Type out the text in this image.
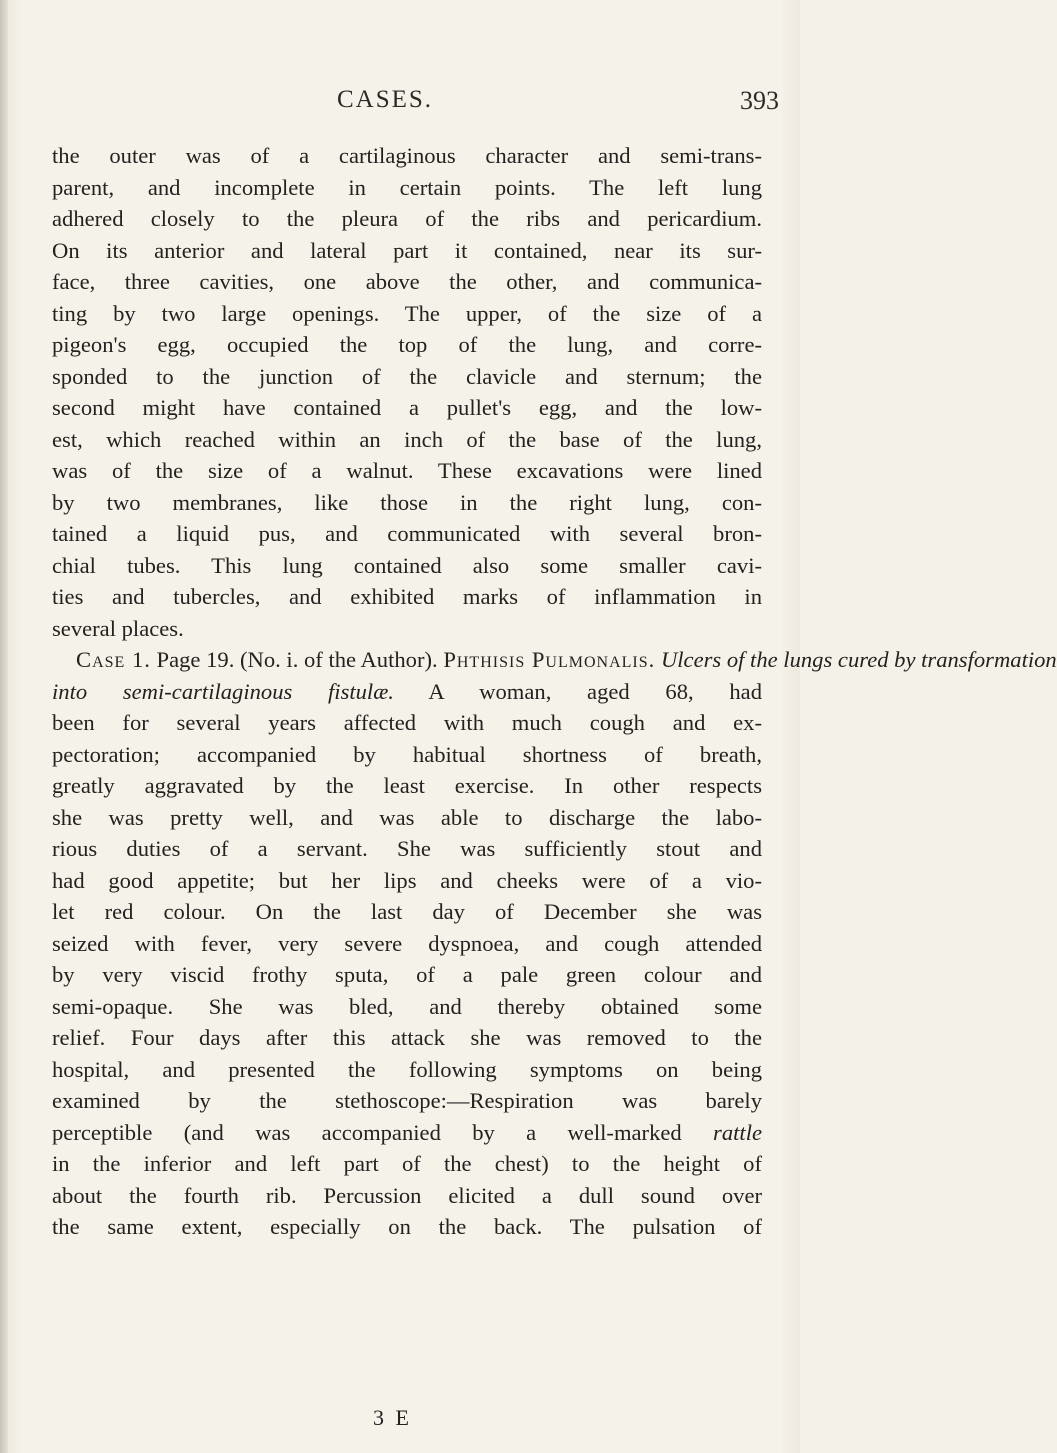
CASES.	393
the outer was of a cartilaginous character and semi-trans-
parent, and incomplete in certain points. The left lung
adhered closely to the pleura of the ribs and pericardium.
On its anterior and lateral part it contained, near its sur-
face, three cavities, one above the other, and communica-
ting by two large openings. The upper, of the size of a
pigeon's egg, occupied the top of the lung, and corre-
sponded to the junction of the clavicle and sternum; the
second might have contained a pullet's egg, and the low-
est, which reached within an inch of the base of the lung,
was of the size of a walnut. These excavations were lined
by two membranes, like those in the right lung, con-
tained a liquid pus, and communicated with several bron-
chial tubes. This lung contained also some smaller cavi-
ties and tubercles, and exhibited marks of inflammation in
several places.
Case 1. Page 19. (No. i. of the Author). Phthisis Pulmonalis. Ulcers of the lungs cured by transformation
into semi-cartilaginous fistulæ. A woman, aged 68, had
been for several years affected with much cough and ex-
pectoration; accompanied by habitual shortness of breath,
greatly aggravated by the least exercise. In other respects
she was pretty well, and was able to discharge the labo-
rious duties of a servant. She was sufficiently stout and
had good appetite; but her lips and cheeks were of a vio-
let red colour. On the last day of December she was
seized with fever, very severe dyspnoea, and cough attended
by very viscid frothy sputa, of a pale green colour and
semi-opaque. She was bled, and thereby obtained some
relief. Four days after this attack she was removed to the
hospital, and presented the following symptoms on being
examined by the stethoscope:—Respiration was barely
perceptible (and was accompanied by a well-marked rattle
in the inferior and left part of the chest) to the height of
about the fourth rib. Percussion elicited a dull sound over
the same extent, especially on the back. The pulsation of
3 E
